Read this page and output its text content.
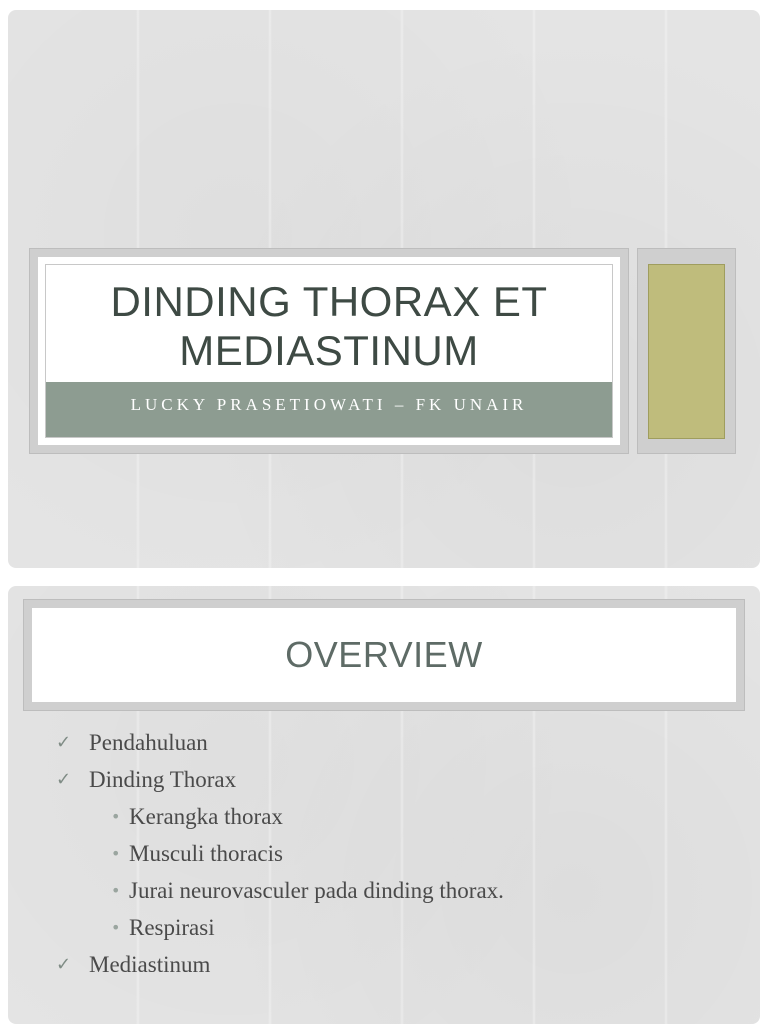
DINDING THORAX ET
MEDIASTINUM
LUCKY PRASETIOWATI – FK UNAIR
OVERVIEW
✓ Pendahuluan
✓ Dinding Thorax
• Kerangka thorax
• Musculi thoracis
• Jurai neurovasculer pada dinding thorax.
• Respirasi
✓ Mediastinum
